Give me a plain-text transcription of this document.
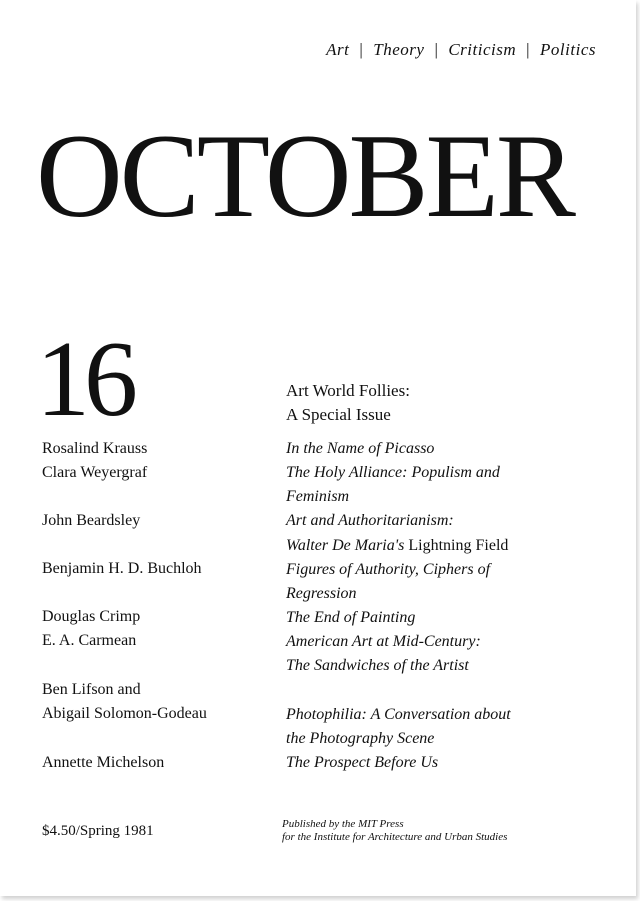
Art | Theory | Criticism | Politics
OCTOBER
16	Art World Follies:
A Special Issue
Rosalind Krauss
Clara Weyergraf
John Beardsley
Benjamin H. D. Buchloh
Douglas Crimp
E. A. Carmean
Ben Lifson and
Abigail Solomon-Godeau
Annette Michelson
In the Name of Picasso
The Holy Alliance: Populism and
Feminism
Art and Authoritarianism:
Walter De Maria's Lightning Field
Figures of Authority, Ciphers of
Regression
The End of Painting
American Art at Mid-Century:
The Sandwiches of the Artist
Photophilia: A Conversation about
the Photography Scene
The Prospect Before Us
$4.50/Spring 1981	Published by the MIT Press
for the Institute for Architecture and Urban Studies
